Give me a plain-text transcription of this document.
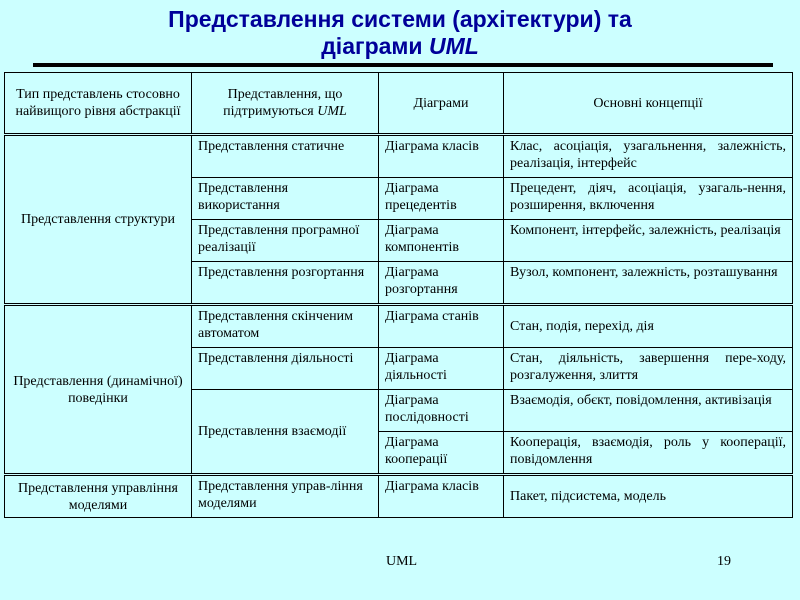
Представлення системи (архітектури) та
діаграми UML
Тип представлень стосовно найвищого рівня абстракції	Представлення, що підтримуються UML	Діаграми	Основні концепції
Представлення структури	Представлення статичне	Діаграма класів	Клас, асоціація, узагальнення, залежність, реалізація, інтерфейс
	Представлення використання	Діаграма прецедентів	Прецедент, діяч, асоціація, узагаль-нення, розширення, включення
	Представлення програмної реалізації	Діаграма компонентів	Компонент, інтерфейс, залежність, реалізація
	Представлення розгортання	Діаграма розгортання	Вузол, компонент, залежність, розташування
Представлення (динамічної) поведінки	Представлення скінченим автоматом	Діаграма станів	Стан, подія, перехід, дія
	Представлення діяльності	Діаграма діяльності	Стан, діяльність, завершення пере-ходу, розгалуження, злиття
	Представлення взаємодії	Діаграма послідовності	Взаємодія, обєкт, повідомлення, активізація
		Діаграма кооперації	Кооперація, взаємодія, роль у кооперації, повідомлення
Представлення управління моделями	Представлення управ-ління моделями	Діаграма класів	Пакет, підсистема, модель
UML	19
